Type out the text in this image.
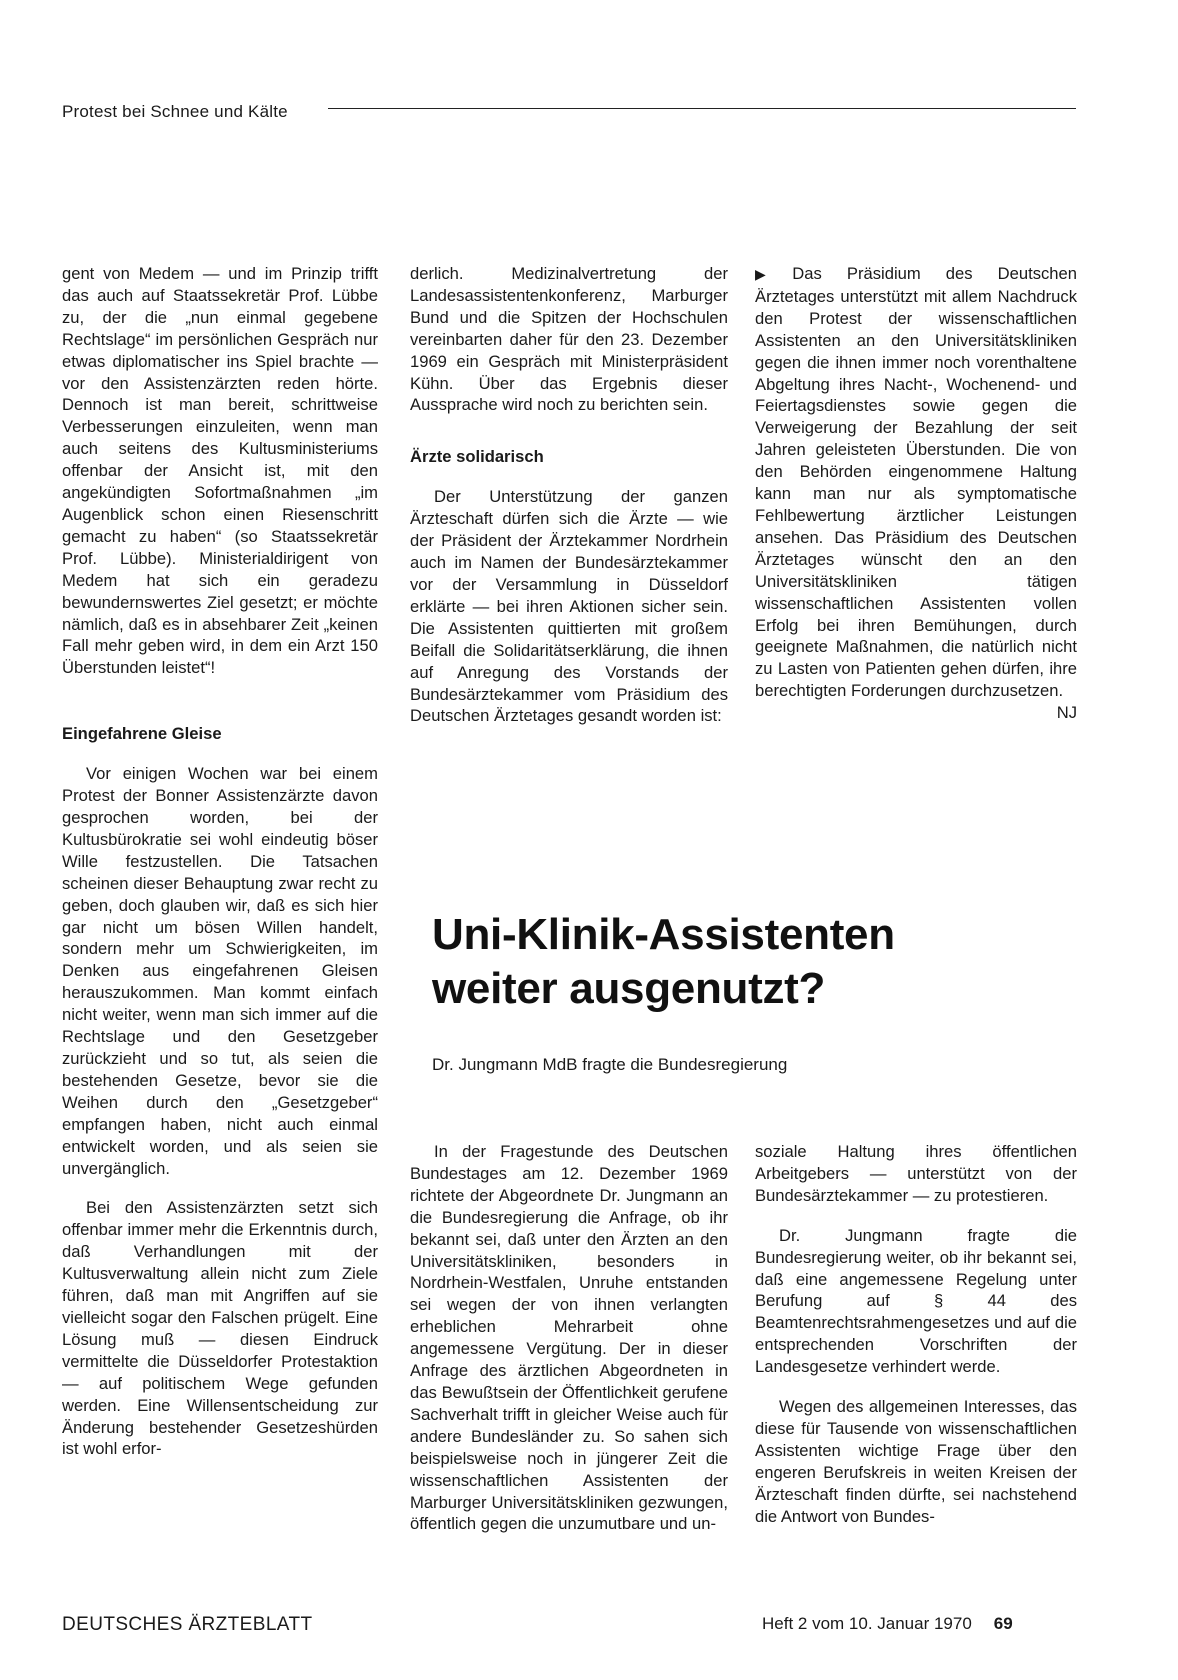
Protest bei Schnee und Kälte

gent von Medem — und im Prinzip trifft das auch auf Staatssekretär Prof. Lübbe zu, der die „nun einmal gegebene Rechtslage“ im persönlichen Gespräch nur etwas diplomatischer ins Spiel brachte — vor den Assistenzärzten reden hörte. Dennoch ist man bereit, schrittweise Verbesserungen einzuleiten, wenn man auch seitens des Kultusministeriums offenbar der Ansicht ist, mit den angekündigten Sofortmaßnahmen „im Augenblick schon einen Riesenschritt gemacht zu haben“ (so Staatssekretär Prof. Lübbe). Ministerialdirigent von Medem hat sich ein geradezu bewundernswertes Ziel gesetzt; er möchte nämlich, daß es in absehbarer Zeit „keinen Fall mehr geben wird, in dem ein Arzt 150 Überstunden leistet“!

Eingefahrene Gleise

Vor einigen Wochen war bei einem Protest der Bonner Assistenzärzte davon gesprochen worden, bei der Kultusbürokratie sei wohl eindeutig böser Wille festzustellen. Die Tatsachen scheinen dieser Behauptung zwar recht zu geben, doch glauben wir, daß es sich hier gar nicht um bösen Willen handelt, sondern mehr um Schwierigkeiten, im Denken aus eingefahrenen Gleisen herauszukommen. Man kommt einfach nicht weiter, wenn man sich immer auf die Rechtslage und den Gesetzgeber zurückzieht und so tut, als seien die bestehenden Gesetze, bevor sie die Weihen durch den „Gesetzgeber“ empfangen haben, nicht auch einmal entwickelt worden, und als seien sie unvergänglich.

Bei den Assistenzärzten setzt sich offenbar immer mehr die Erkenntnis durch, daß Verhandlungen mit der Kultusverwaltung allein nicht zum Ziele führen, daß man mit Angriffen auf sie vielleicht sogar den Falschen prügelt. Eine Lösung muß — diesen Eindruck vermittelte die Düsseldorfer Protestaktion — auf politischem Wege gefunden werden. Eine Willensentscheidung zur Änderung bestehender Gesetzeshürden ist wohl erfor-

derlich. Medizinalvertretung der Landesassistentenkonferenz, Marburger Bund und die Spitzen der Hochschulen vereinbarten daher für den 23. Dezember 1969 ein Gespräch mit Ministerpräsident Kühn. Über das Ergebnis dieser Aussprache wird noch zu berichten sein.

Ärzte solidarisch

Der Unterstützung der ganzen Ärzteschaft dürfen sich die Ärzte — wie der Präsident der Ärztekammer Nordrhein auch im Namen der Bundesärztekammer vor der Versammlung in Düsseldorf erklärte — bei ihren Aktionen sicher sein. Die Assistenten quittierten mit großem Beifall die Solidaritätserklärung, die ihnen auf Anregung des Vorstands der Bundesärztekammer vom Präsidium des Deutschen Ärztetages gesandt worden ist:

▶ Das Präsidium des Deutschen Ärztetages unterstützt mit allem Nachdruck den Protest der wissenschaftlichen Assistenten an den Universitätskliniken gegen die ihnen immer noch vorenthaltene Abgeltung ihres Nacht-, Wochenend- und Feiertagsdienstes sowie gegen die Verweigerung der Bezahlung der seit Jahren geleisteten Überstunden. Die von den Behörden eingenommene Haltung kann man nur als symptomatische Fehlbewertung ärztlicher Leistungen ansehen. Das Präsidium des Deutschen Ärztetages wünscht den an den Universitätskliniken tätigen wissenschaftlichen Assistenten vollen Erfolg bei ihren Bemühungen, durch geeignete Maßnahmen, die natürlich nicht zu Lasten von Patienten gehen dürfen, ihre berechtigten Forderungen durchzusetzen.
NJ

Uni-Klinik-Assistenten
weiter ausgenutzt?
Dr. Jungmann MdB fragte die Bundesregierung

In der Fragestunde des Deutschen Bundestages am 12. Dezember 1969 richtete der Abgeordnete Dr. Jungmann an die Bundesregierung die Anfrage, ob ihr bekannt sei, daß unter den Ärzten an den Universitätskliniken, besonders in Nordrhein-Westfalen, Unruhe entstanden sei wegen der von ihnen verlangten erheblichen Mehrarbeit ohne angemessene Vergütung. Der in dieser Anfrage des ärztlichen Abgeordneten in das Bewußtsein der Öffentlichkeit gerufene Sachverhalt trifft in gleicher Weise auch für andere Bundesländer zu. So sahen sich beispielsweise noch in jüngerer Zeit die wissenschaftlichen Assistenten der Marburger Universitätskliniken gezwungen, öffentlich gegen die unzumutbare und un-

soziale Haltung ihres öffentlichen Arbeitgebers — unterstützt von der Bundesärztekammer — zu protestieren.

Dr. Jungmann fragte die Bundesregierung weiter, ob ihr bekannt sei, daß eine angemessene Regelung unter Berufung auf § 44 des Beamtenrechtsrahmengesetzes und auf die entsprechenden Vorschriften der Landesgesetze verhindert werde.

Wegen des allgemeinen Interesses, das diese für Tausende von wissenschaftlichen Assistenten wichtige Frage über den engeren Berufskreis in weiten Kreisen der Ärzteschaft finden dürfte, sei nachstehend die Antwort von Bundes-

DEUTSCHES ÄRZTEBLATT	Heft 2 vom 10. Januar 1970 69
